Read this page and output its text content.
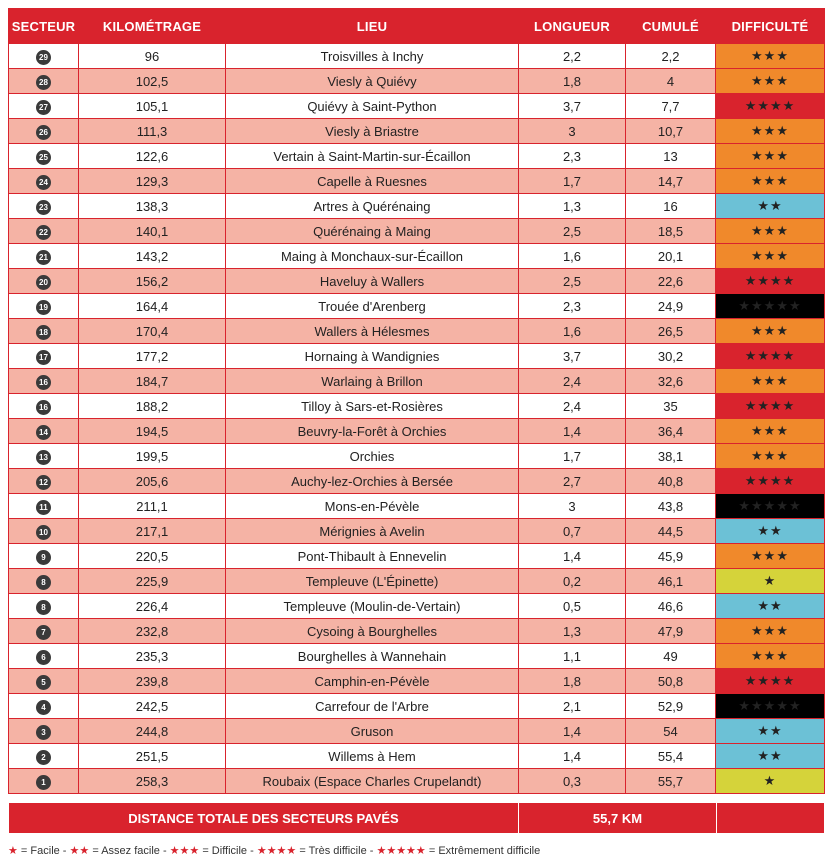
SECTEUR	KILOMÉTRAGE	LIEU	LONGUEUR	CUMULÉ	DIFFICULTÉ
29	96	Troisvilles à Inchy	2,2	2,2	★★★
28	102,5	Viesly à Quiévy	1,8	4	★★★
27	105,1	Quiévy à Saint-Python	3,7	7,7	★★★★
26	111,3	Viesly à Briastre	3	10,7	★★★
25	122,6	Vertain à Saint-Martin-sur-Écaillon	2,3	13	★★★
24	129,3	Capelle à Ruesnes	1,7	14,7	★★★
23	138,3	Artres à Quérénaing	1,3	16	★★
22	140,1	Quérénaing à Maing	2,5	18,5	★★★
21	143,2	Maing à Monchaux-sur-Écaillon	1,6	20,1	★★★
20	156,2	Haveluy à Wallers	2,5	22,6	★★★★
19	164,4	Trouée d'Arenberg	2,3	24,9	★★★★★
18	170,4	Wallers à Hélesmes	1,6	26,5	★★★
17	177,2	Hornaing à Wandignies	3,7	30,2	★★★★
16	184,7	Warlaing à Brillon	2,4	32,6	★★★
16	188,2	Tilloy à Sars-et-Rosières	2,4	35	★★★★
14	194,5	Beuvry-la-Forêt à Orchies	1,4	36,4	★★★
13	199,5	Orchies	1,7	38,1	★★★
12	205,6	Auchy-lez-Orchies à Bersée	2,7	40,8	★★★★
11	211,1	Mons-en-Pévèle	3	43,8	★★★★★
10	217,1	Mérignies à Avelin	0,7	44,5	★★
9	220,5	Pont-Thibault à Ennevelin	1,4	45,9	★★★
8	225,9	Templeuve (L'Épinette)	0,2	46,1	★
8	226,4	Templeuve (Moulin-de-Vertain)	0,5	46,6	★★
7	232,8	Cysoing à Bourghelles	1,3	47,9	★★★
6	235,3	Bourghelles à Wannehain	1,1	49	★★★
5	239,8	Camphin-en-Pévèle	1,8	50,8	★★★★
4	242,5	Carrefour de l'Arbre	2,1	52,9	★★★★★
3	244,8	Gruson	1,4	54	★★
2	251,5	Willems à Hem	1,4	55,4	★★
1	258,3	Roubaix (Espace Charles Crupelandt)	0,3	55,7	★
DISTANCE TOTALE DES SECTEURS PAVÉS	55,7 KM	
★ = Facile - ★★ = Assez facile - ★★★ = Difficile - ★★★★ = Très difficile - ★★★★★ = Extrêmement difficile
